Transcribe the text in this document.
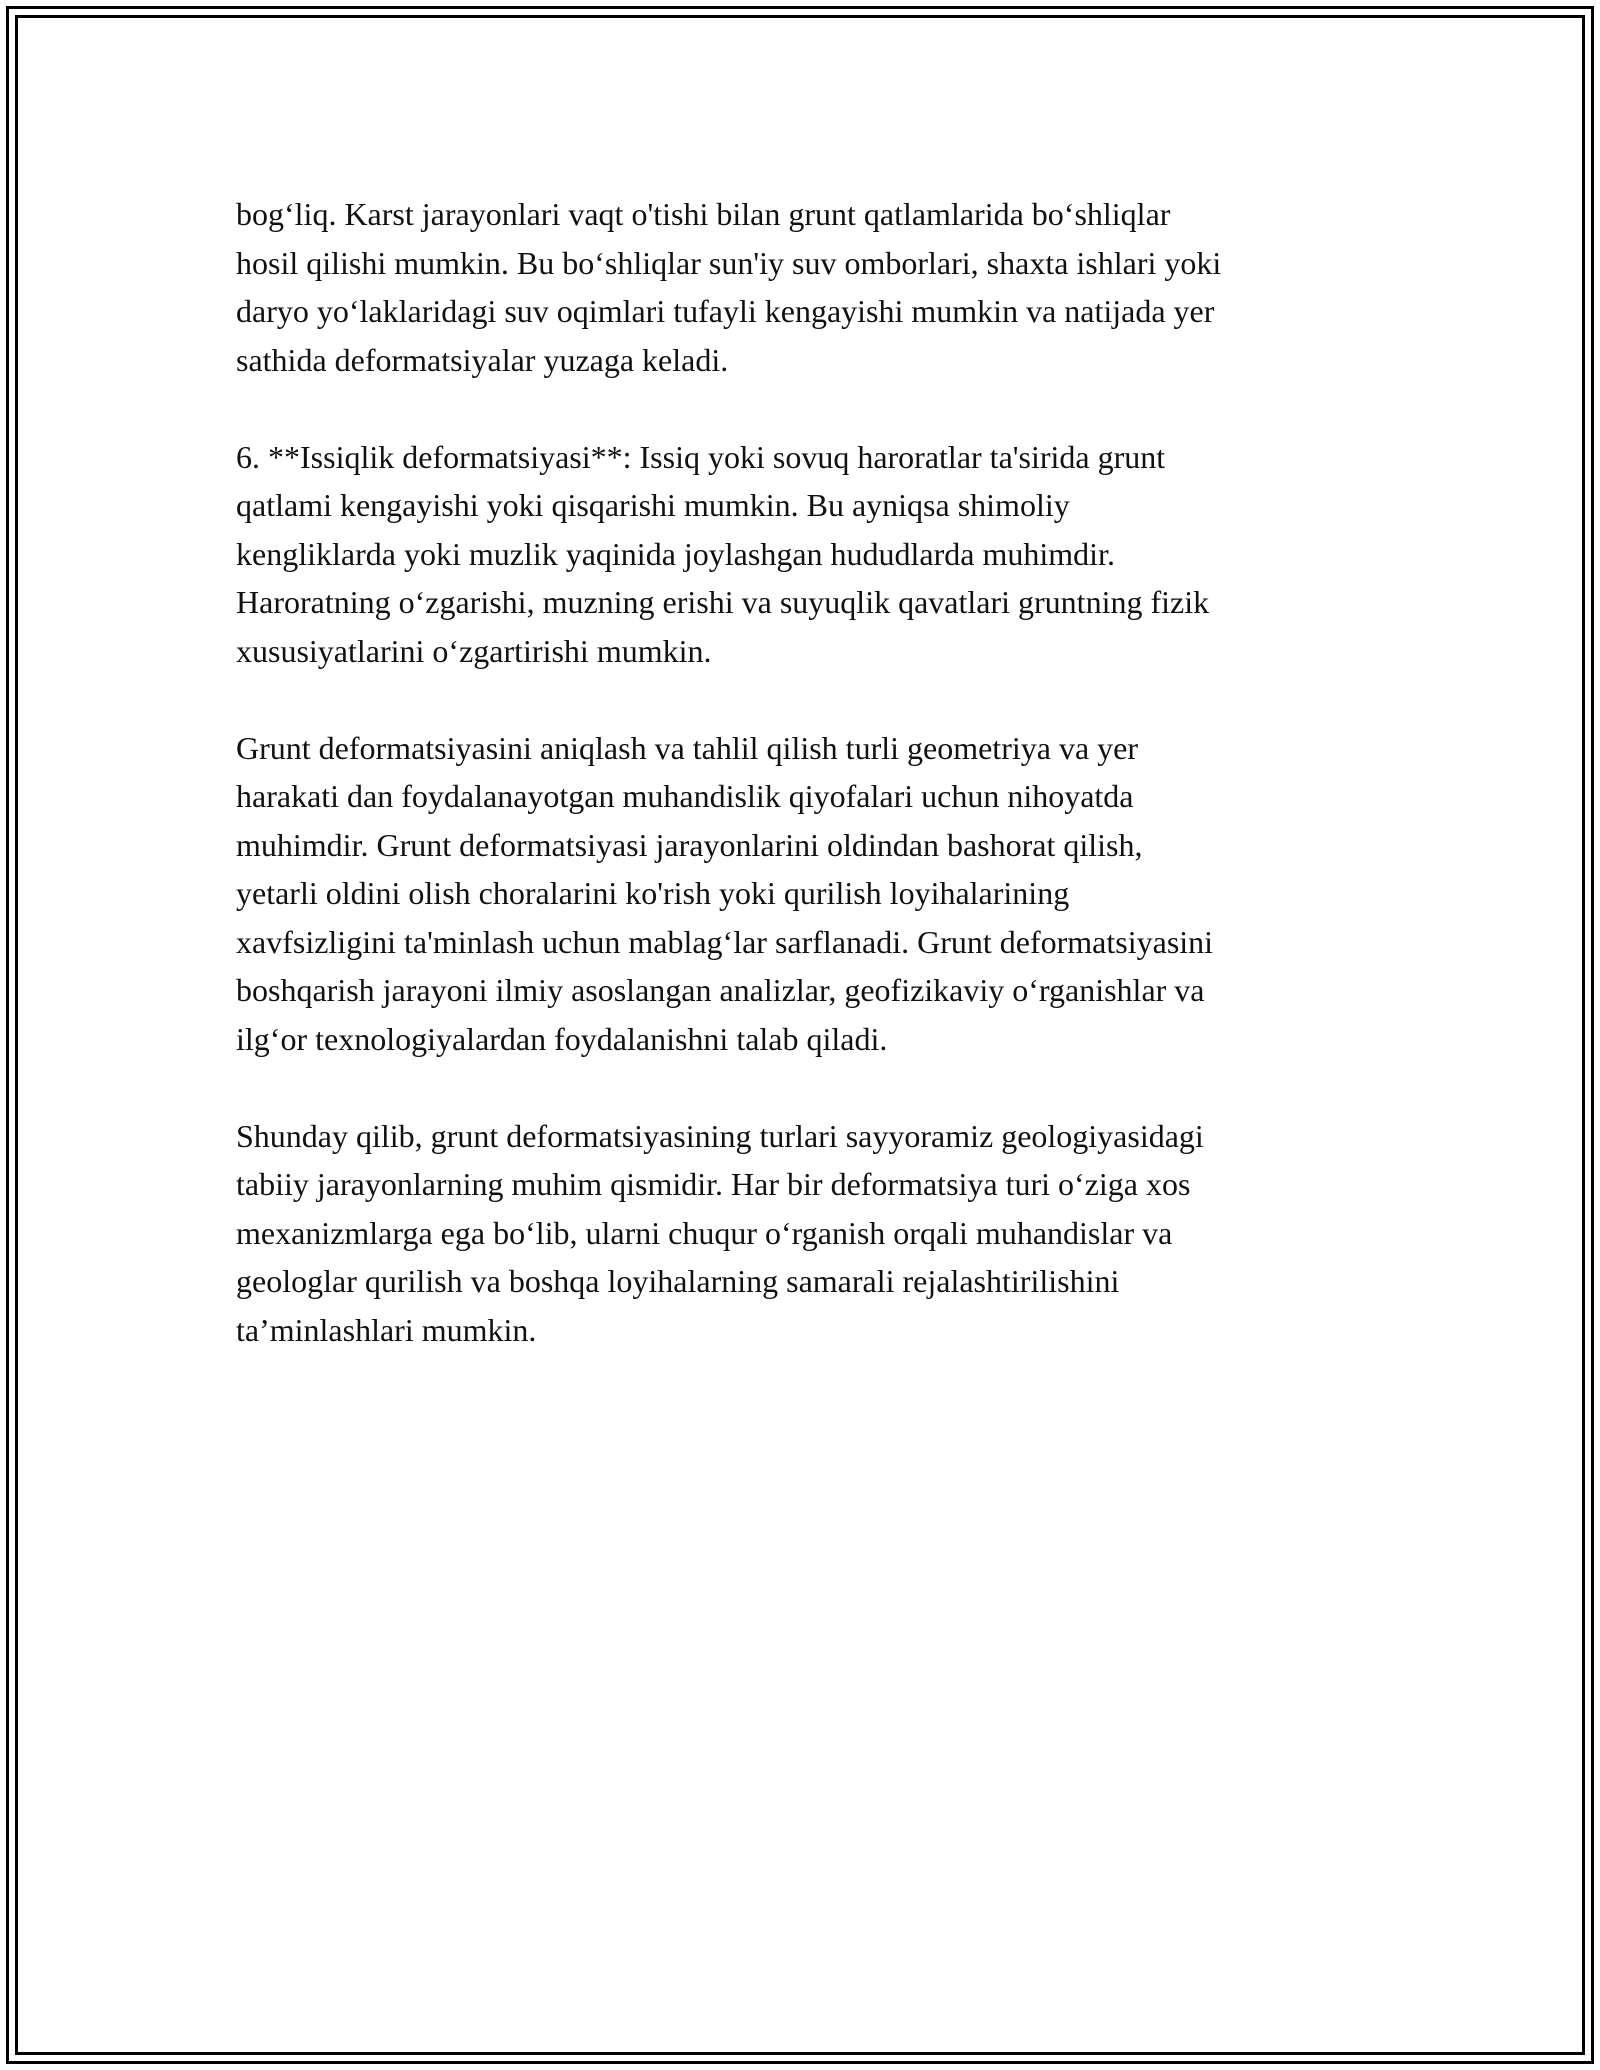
bog‘liq. Karst jarayonlari vaqt o'tishi bilan grunt qatlamlarida bo‘shliqlar
hosil qilishi mumkin. Bu bo‘shliqlar sun'iy suv omborlari, shaxta ishlari yoki
daryo yo‘laklaridagi suv oqimlari tufayli kengayishi mumkin va natijada yer
sathida deformatsiyalar yuzaga keladi.

6. **Issiqlik deformatsiyasi**: Issiq yoki sovuq haroratlar ta'sirida grunt
qatlami kengayishi yoki qisqarishi mumkin. Bu ayniqsa shimoliy
kengliklarda yoki muzlik yaqinida joylashgan hududlarda muhimdir.
Haroratning o‘zgarishi, muzning erishi va suyuqlik qavatlari gruntning fizik
xususiyatlarini o‘zgartirishi mumkin.

Grunt deformatsiyasini aniqlash va tahlil qilish turli geometriya va yer
harakati dan foydalanayotgan muhandislik qiyofalari uchun nihoyatda
muhimdir. Grunt deformatsiyasi jarayonlarini oldindan bashorat qilish,
yetarli oldini olish choralarini ko'rish yoki qurilish loyihalarining
xavfsizligini ta'minlash uchun mablag‘lar sarflanadi. Grunt deformatsiyasini
boshqarish jarayoni ilmiy asoslangan analizlar, geofizikaviy o‘rganishlar va
ilg‘or texnologiyalardan foydalanishni talab qiladi.

Shunday qilib, grunt deformatsiyasining turlari sayyoramiz geologiyasidagi
tabiiy jarayonlarning muhim qismidir. Har bir deformatsiya turi o‘ziga xos
mexanizmlarga ega bo‘lib, ularni chuqur o‘rganish orqali muhandislar va
geologlar qurilish va boshqa loyihalarning samarali rejalashtirilishini
ta’minlashlari mumkin.
